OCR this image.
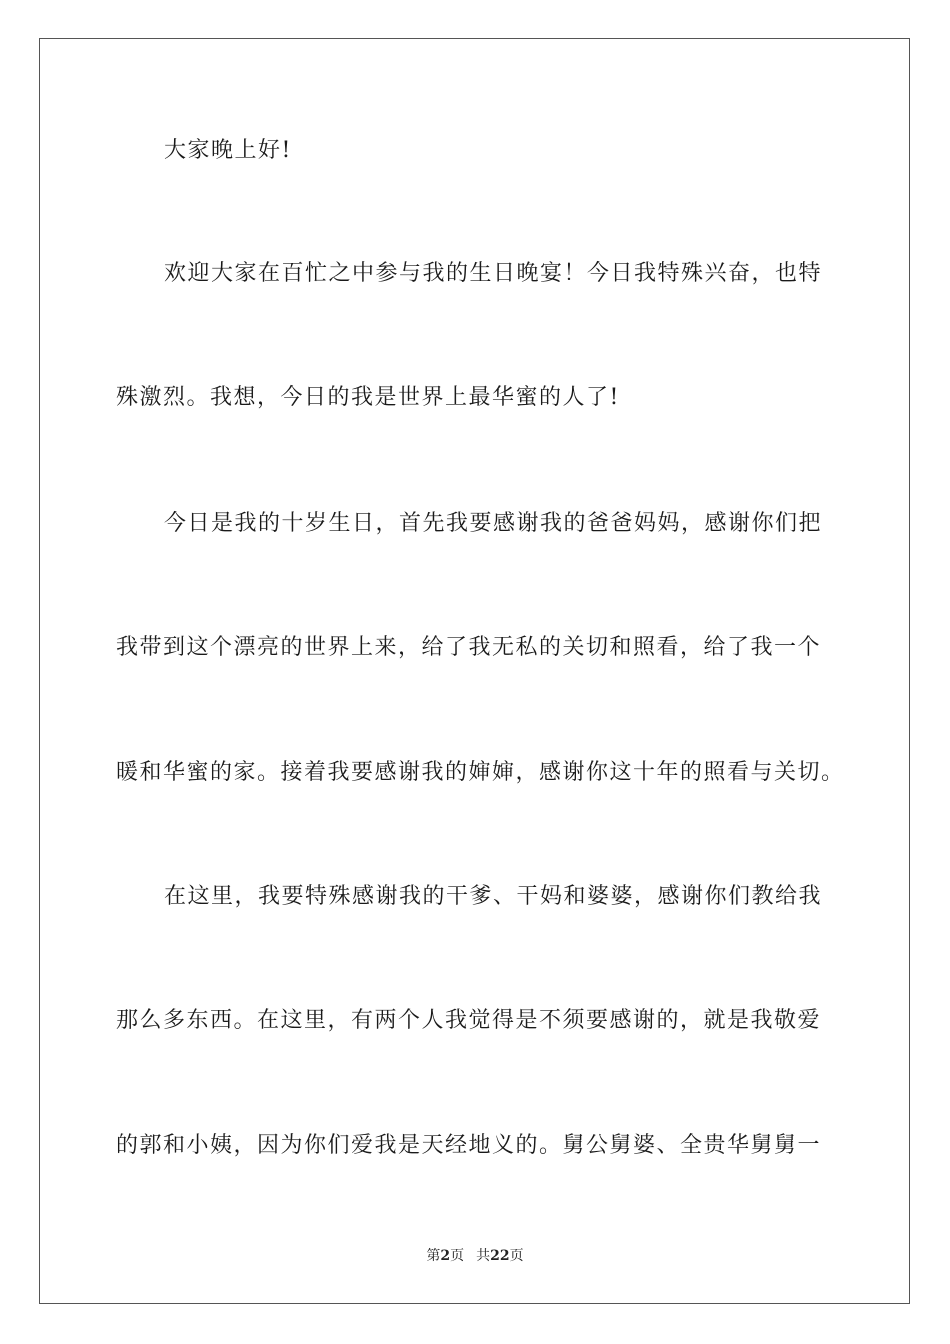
大家晚上好!
欢迎大家在百忙之中参与我的生日晚宴！今日我特殊兴奋，也特
殊激烈。我想，今日的我是世界上最华蜜的人了!
今日是我的十岁生日，首先我要感谢我的爸爸妈妈，感谢你们把
我带到这个漂亮的世界上来，给了我无私的关切和照看，给了我一个
暖和华蜜的家。接着我要感谢我的婶婶，感谢你这十年的照看与关切。
在这里，我要特殊感谢我的干爹、干妈和婆婆，感谢你们教给我
那么多东西。在这里，有两个人我觉得是不须要感谢的，就是我敬爱
的郭和小姨，因为你们爱我是天经地义的。舅公舅婆、全贵华舅舅一
第2页 共22页
